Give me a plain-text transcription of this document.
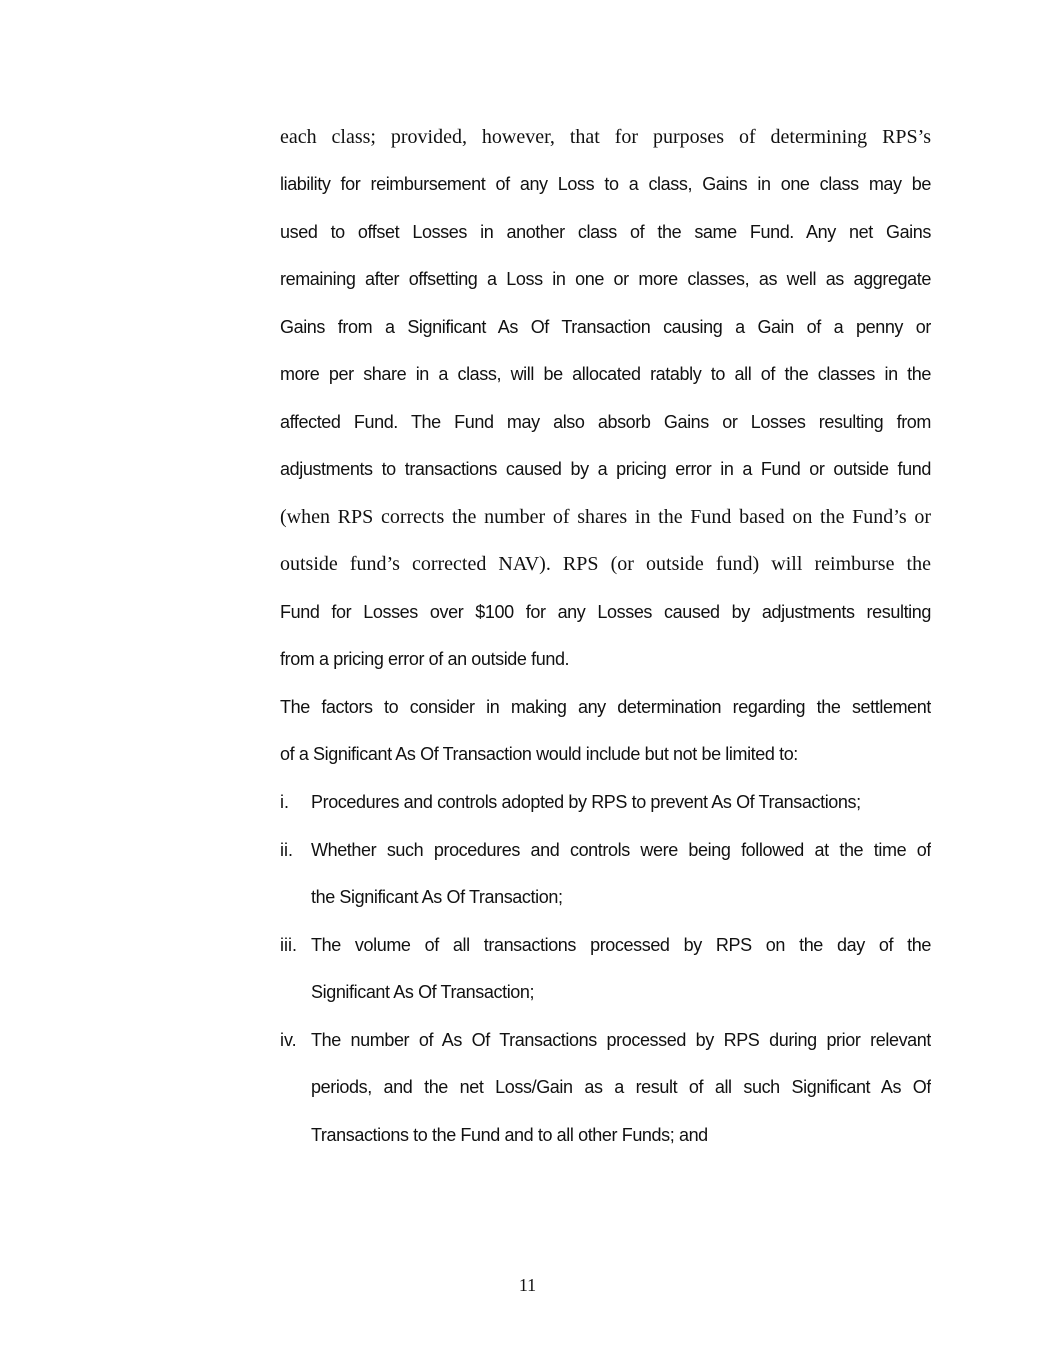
each class; provided, however, that for purposes of determining RPS’s
liability for reimbursement of any Loss to a class, Gains in one class may be
used to offset Losses in another class of the same Fund. Any net Gains
remaining after offsetting a Loss in one or more classes, as well as aggregate
Gains from a Significant As Of Transaction causing a Gain of a penny or
more per share in a class, will be allocated ratably to all of the classes in the
affected Fund. The Fund may also absorb Gains or Losses resulting from
adjustments to transactions caused by a pricing error in a Fund or outside fund
(when RPS corrects the number of shares in the Fund based on the Fund’s or
outside fund’s corrected NAV). RPS (or outside fund) will reimburse the
Fund for Losses over $100 for any Losses caused by adjustments resulting
from a pricing error of an outside fund.
The factors to consider in making any determination regarding the settlement
of a Significant As Of Transaction would include but not be limited to:
i. Procedures and controls adopted by RPS to prevent As Of Transactions;
ii. Whether such procedures and controls were being followed at the time of
the Significant As Of Transaction;
iii. The volume of all transactions processed by RPS on the day of the
Significant As Of Transaction;
iv. The number of As Of Transactions processed by RPS during prior relevant
periods, and the net Loss/Gain as a result of all such Significant As Of
Transactions to the Fund and to all other Funds; and
11
